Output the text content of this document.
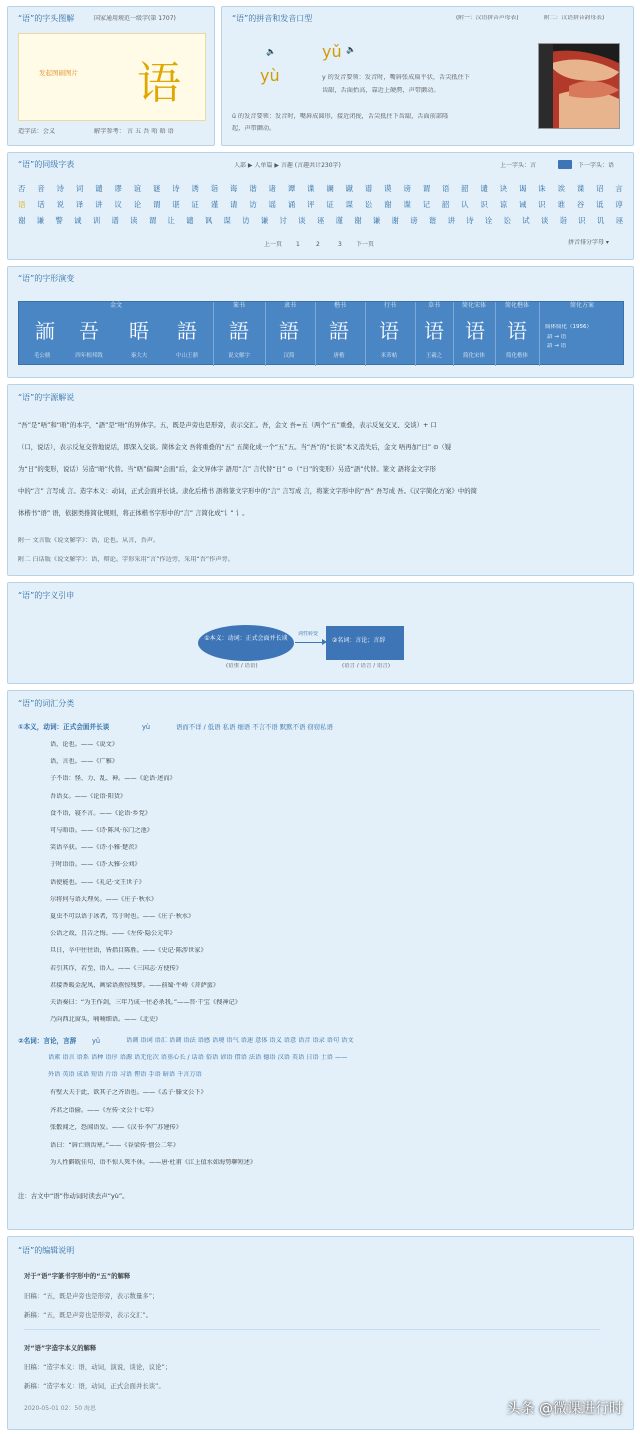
“语”的字头图解	国家通用规范一级字(第 1707)
发起图刷图片 语
造字法：会义	解字参考： 言 五 吾 唔 晤 语
“语”的拼音和发音口型	(附一：汉语拼音声母表)	附二：汉语拼音韵母表)
🔈
yù
yǔ 🔈
y 的发音要领：发音时，嘴唇张成扁平状，舌尖抵住下
齿龈，舌面抬高，靠近上硬腭，声带颤动。
ü 的发音要领：发音时，嘴唇成圆形，接近闭拢，舌尖抵住下齿龈，舌面前部隆
起，声带颤动。
“语”的同级字表	人部 ▶ 人单篇 ▶ 言趣 (言趣共计230字)	上一字头：言	下一字头：语
否 音 诗 词 谴 谬 谊 谜 诗 诱 诣 诲 谐 诸 谭 谍 谰 谳 谱 谟 谤 谓 语 韶 谴 诀 谒 诛 诶 谍 诏 言
语 话 说 译 讲 议 论 谓 谌 证 谨 请 访 谣 诵 评 证 谋 讼 谢 谍 记 韶 认 识 谅 诫 识 谁 谷 诋 谆
谢 谦 警 诚 训 谱 读 谓 让 谴 讽 谋 访 谦 讨 谈 诬 谨 谢 谦 谢 谤 谐 讲 诗 诠 讼 试 谈 诣 识 讥 诬
上一页 1	2	3 下一页	拼音排分字母 ▾
“语”的字形演变
金文	篆书	隶书	楷书	行书	草书	简化宋体	简化楷体	简化方案
䛔	吾	晤	語	語	語	語	语	语	语	语	简体简化（1956）
語 → 语
語 → 语
毛公鼎	四年相邦戟	秦大夫	中山王鼎	说文解字	汉简	唐楷	米芾帖	王羲之	简化宋体	简化楷体
“语”的字源解说
“吾”是“唔”和“晤”的本字，“語”是“唔”的异体字。五，既是声旁也是形旁，表示交汇。吾，金文 吾=五（两个“五”重叠，表示反复交叉、交谈）+ 口
（口，说话），表示反复交替地说话，即深入交谈。简体金文 吾将重叠的“五” 五简化成一个“五”五。当“吾”的“长谈”本义消失后，金文 唔再加“日” ⊙（疑
为“日”的变形，说话）另造“晤”代替。当“晤”偏调“会面”后，金文异体字 語用“言” 言代替“日” ⊙（“日”的变形）另造“語”代替。篆文 語将金文字形
中的“言” 言写成 言。造字本义：动词，正式会面并长谈。隶化后楷书 語将篆文字形中的“言” 言写成 言，将篆文字形中的“吾” 吾写成 吾。《汉字简化方案》中的简
体楷书“语” 语，依据类推简化规则，将正体楷书字形中的“言” 言简化成“讠” 讠。
附一 文言版《说文解字》：语，论也。从言，吾声。
附二 白话版《说文解字》：语，辩论。字形采用“言”作边旁，采用“吾”作声旁。
“语”的字义引申
①本义：动词：正式会面并长谈
词性转变
②名词：言论；言辞
(语重 / 语语)	(语言 / 语言 / 语言)
“语”的词汇分类
①本义，动词：正式会面并长谈	yù	语而不详 / 低语 私语 细语 不言不语 默默不语 窃窃私语
语，论也。——《说文》
语，言也。——《广雅》
子不语：怪、力、乱、神。——《论语·述而》
吾语女。——《论语·阳货》
食不语，寝不言。——《论语·乡党》
可与晤语。——《诗·陈风·东门之池》
笑语卒获。——《诗·小雅·楚茨》
于时语语。——《诗·大雅·公刘》
语使能也。——《礼记·文王世子》
尔将何与语大理矣。——《庄子·秋水》
夏虫不可以语于冰者，笃于时也。——《庄子·秋水》
公语之故，且告之悔。——《左传·隐公元年》
旦日，卒中往往语，皆指目陈胜。——《史记·陈涉世家》
若引其诈，若至，语人。——《三国志·方使传》
君接香暖金泥凤，画梁语燕惊残梦。——前蜀·牛峤《菩萨蛮》
夫语奏曰：“为王作剑，三年乃成一往必杀我。”——晋·干宝《搜神记》
乃向西北窗头，喃喃细语。——《北史》
②名词：言论，言辞 yǔ	语调 语词 语汇 语调 语法 语感 语境 语气 语速 意体 语义 语意 语音 语录 语句 语文
语素 语言 语系 语种 语序 语源 语无伦次 语重心长 / 话语 俗语 谚语 借语 法语 德语 汉语 英语 日语 土语 ——
外语 英语 成语 短语 片语 习语 俚语 手语 暗语 千言万语
有壁大夫于此，欲其子之齐语也。——《孟子·滕文公下》
齐君之语偷。——《左传·文公十七年》
张骰闻之，恐闻语发。——《汉书·李广苏建传》
语曰：“唇亡则齿寒。”——《谷梁传·僖公二年》
为人性僻耽佳句，语不惊人死不休。——唐·杜甫《江上值水如海势聊短述》
注：古文中“语”作动词时读去声“yù”。
“语”的编辑说明
对于“语”字篆书字形中的“五”的解释
旧稿：“五，既是声旁也是形旁，表示数量多”；
新稿：“五，既是声旁也是形旁，表示交汇”。
对“语”字造字本义的解释
旧稿：“造字本义：语，动词，演说，谈论，议论”；
新稿：“造字本义：语，动词，正式会面并长谈”。
2020-05-01 02：50 海恩	头条 @微课进行时
